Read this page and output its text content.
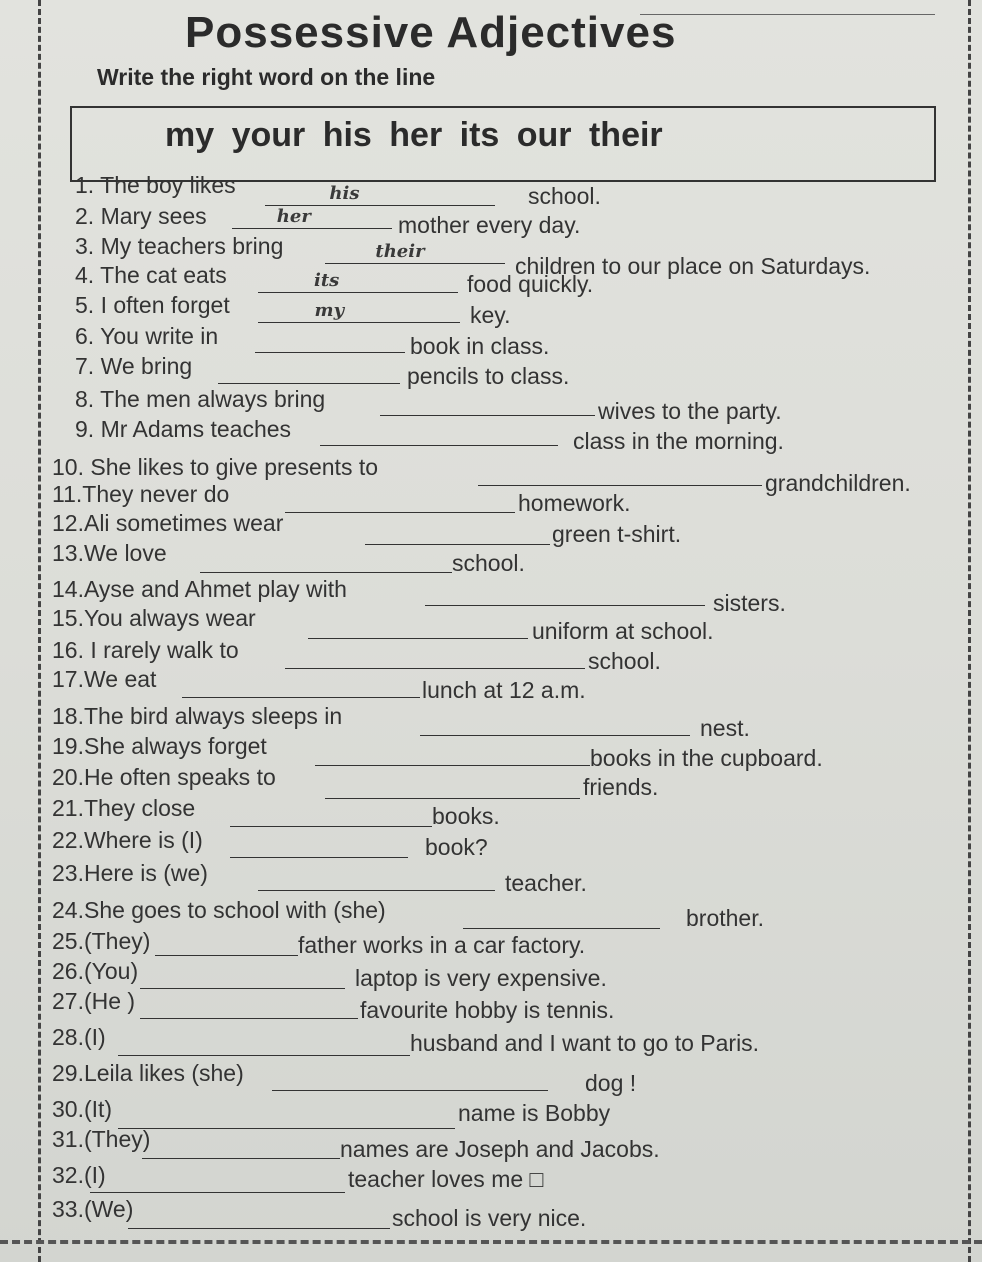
Possessive Adjectives
Write the right word on the line
my your his her its our their
1. The boy likes	his	school.
2. Mary sees	her	mother every day.
3. My teachers bring	their
children to our place on Saturdays.
4. The cat eats	its	food quickly.
5. I often forget	my	key.
6. You write in	book in class.
7. We bring	pencils to class.
8. The men always bring	wives to the party.
9. Mr Adams teaches	class in the morning.
10. She likes to give presents to
grandchildren.
11.They never do	homework.
12.Ali sometimes wear	green t-shirt.
13.We love	school.
14.Ayse and Ahmet play with
sisters.
15.You always wear	uniform at school.
16. I rarely walk to	school.
17.We eat	lunch at 12 a.m.
18.The bird always sleeps in	nest.
19.She always forget	books in the cupboard.
20.He often speaks to	friends.
21.They close	books.
22.Where is (I)	book?
23.Here is (we)	teacher.
24.She goes to school with (she)	brother.
25.(They)	father works in a car factory.
26.(You)	laptop is very expensive.
27.(He )	favourite hobby is tennis.
28.(I)	husband and I want to go to Paris.
29.Leila likes (she)	dog !
30.(It)	name is Bobby
31.(They)	names are Joseph and Jacobs.
32.(I)	teacher loves me □
33.(We)	school is very nice.
